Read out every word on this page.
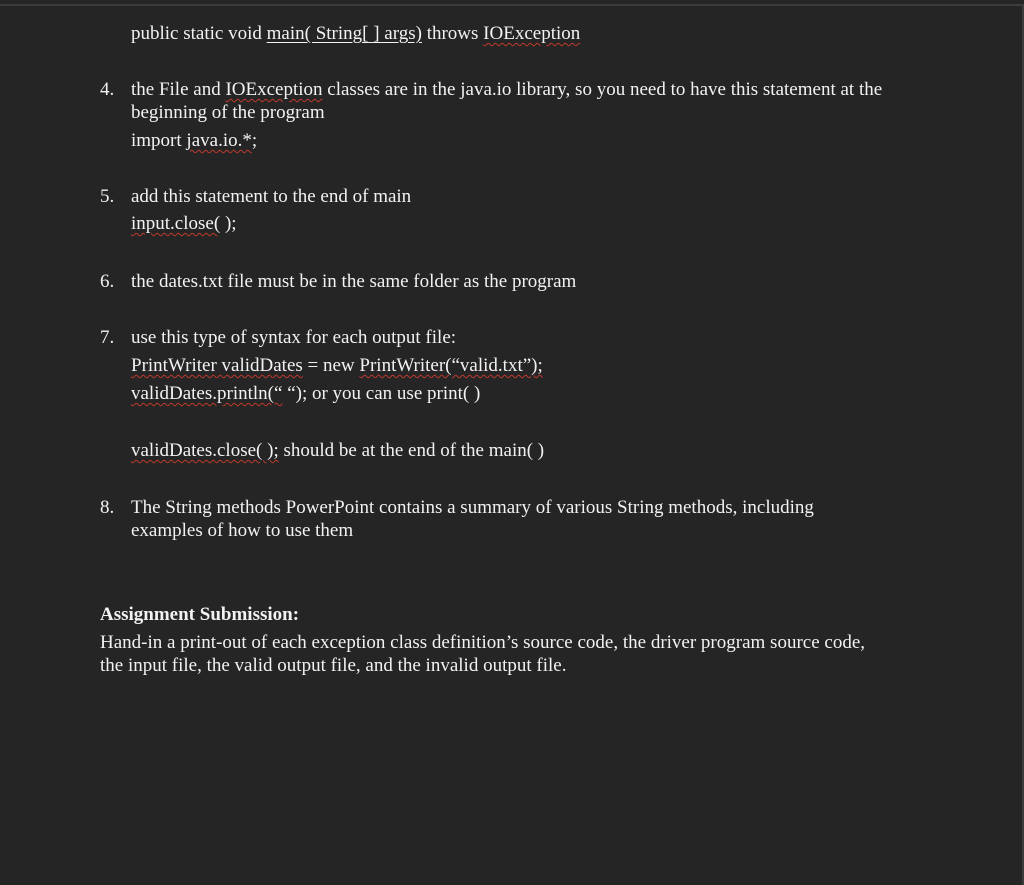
public static void main( String[ ] args) throws IOException
4. the File and IOException classes are in the java.io library, so you need to have this statement at the
beginning of the program
import java.io.*;
5. add this statement to the end of main
input.close( );
6. the dates.txt file must be in the same folder as the program
7. use this type of syntax for each output file:
PrintWriter validDates = new PrintWriter(“valid.txt”);
validDates.println(“ “); or you can use print( )
validDates.close( ); should be at the end of the main( )
8. The String methods PowerPoint contains a summary of various String methods, including
examples of how to use them
Assignment Submission:
Hand-in a print-out of each exception class definition’s source code, the driver program source code,
the input file, the valid output file, and the invalid output file.
